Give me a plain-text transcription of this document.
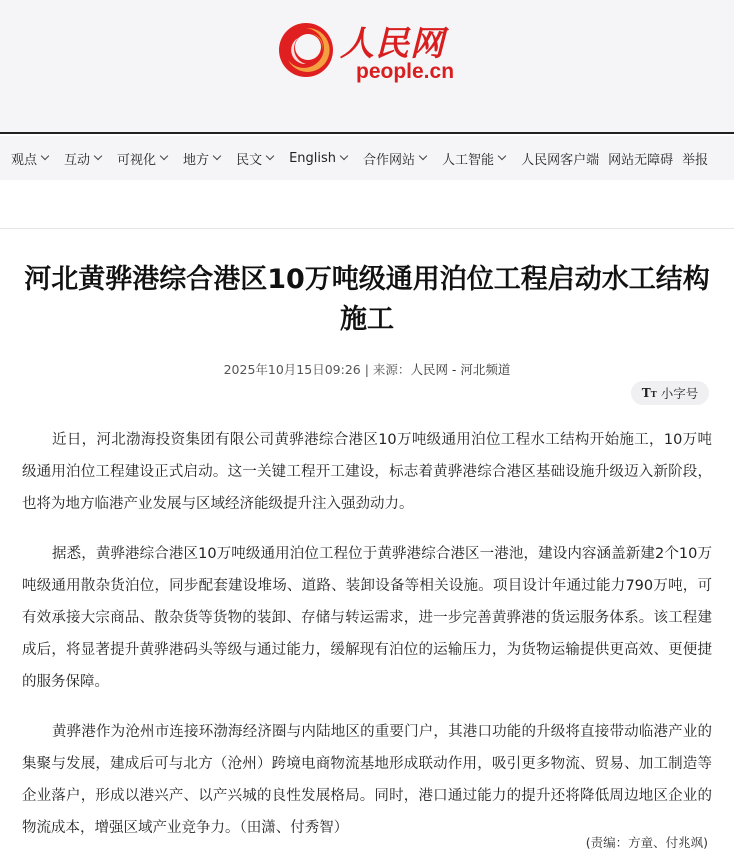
人民网
people.cn
观点 互动 可视化 地方 民文 English 合作网站 人工智能 人民网客户端 网站无障碍 举报
河北黄骅港综合港区10万吨级通用泊位工程启动水工结构施工
2025年10月15日09:26 | 来源：人民网 - 河北频道
TT 小字号

近日，河北渤海投资集团有限公司黄骅港综合港区10万吨级通用泊位工程水工结构开始施工，10万吨级通用泊位工程建设正式启动。这一关键工程开工建设，标志着黄骅港综合港区基础设施升级迈入新阶段，也将为地方临港产业发展与区域经济能级提升注入强劲动力。

据悉，黄骅港综合港区10万吨级通用泊位工程位于黄骅港综合港区一港池，建设内容涵盖新建2个10万吨级通用散杂货泊位，同步配套建设堆场、道路、装卸设备等相关设施。项目设计年通过能力790万吨，可有效承接大宗商品、散杂货等货物的装卸、存储与转运需求，进一步完善黄骅港的货运服务体系。该工程建成后，将显著提升黄骅港码头等级与通过能力，缓解现有泊位的运输压力，为货物运输提供更高效、更便捷的服务保障。

黄骅港作为沧州市连接环渤海经济圈与内陆地区的重要门户，其港口功能的升级将直接带动临港产业的集聚与发展，建成后可与北方（沧州）跨境电商物流基地形成联动作用，吸引更多物流、贸易、加工制造等企业落户，形成以港兴产、以产兴城的良性发展格局。同时，港口通过能力的提升还将降低周边地区企业的物流成本，增强区域产业竞争力。（田潇、付秀智）

(责编：方童、付兆飒)
